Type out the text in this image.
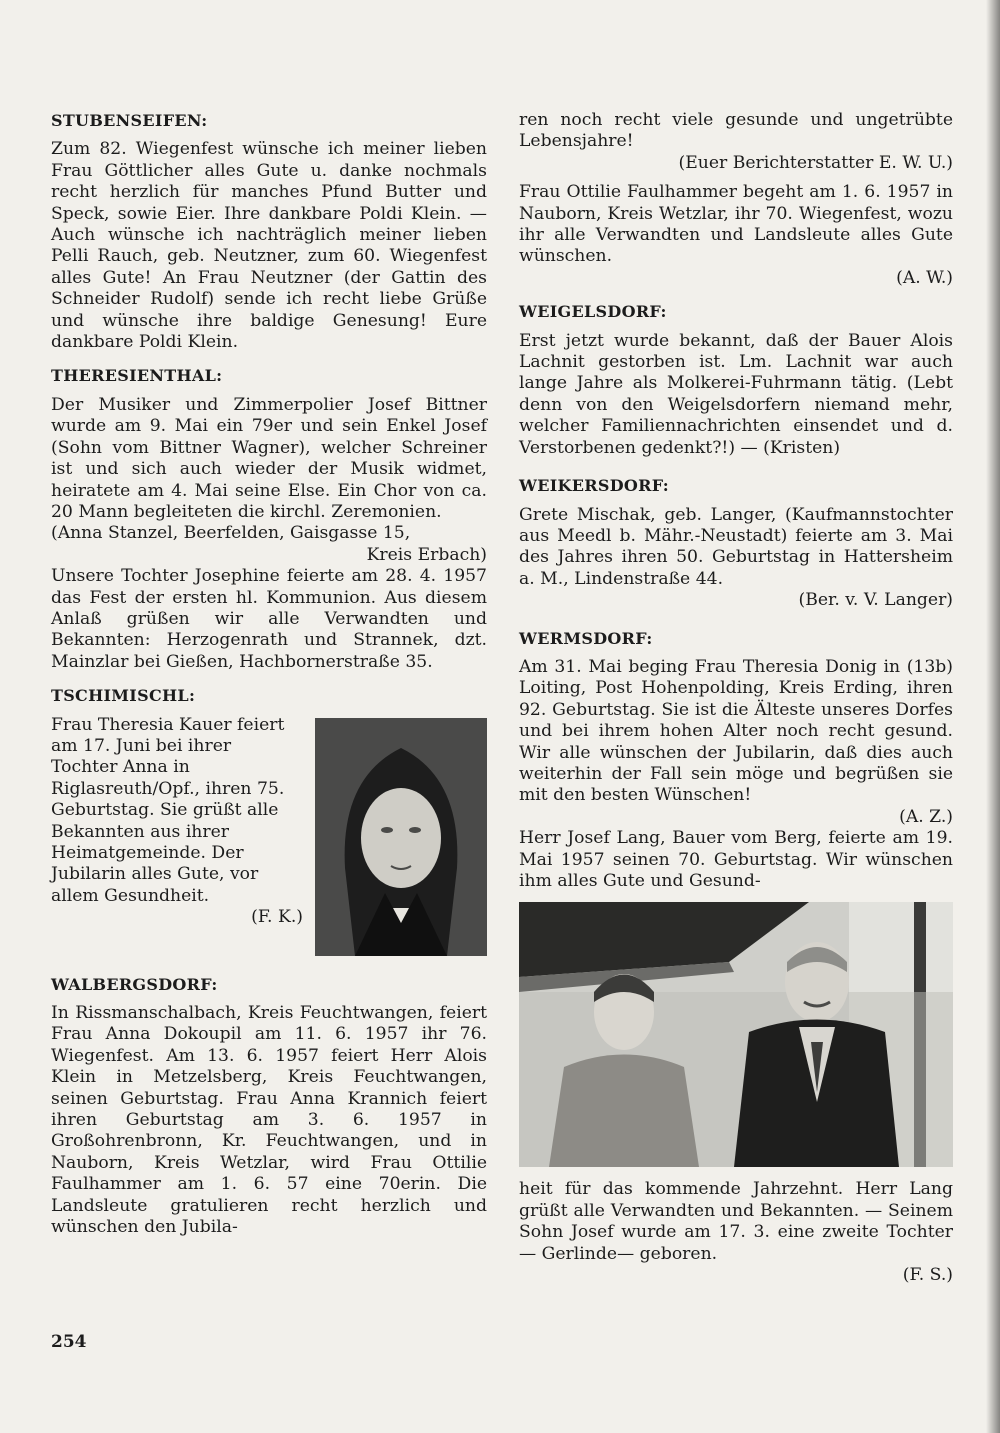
STUBENSEIFEN:

Zum 82. Wiegenfest wünsche ich meiner lieben Frau Göttlicher alles Gute u. danke nochmals recht herzlich für manches Pfund Butter und Speck, sowie Eier. Ihre dankbare Poldi Klein. — Auch wünsche ich nachträglich meiner lieben Pelli Rauch, geb. Neutzner, zum 60. Wiegenfest alles Gute! An Frau Neutzner (der Gattin des Schneider Rudolf) sende ich recht liebe Grüße und wünsche ihre baldige Genesung! Eure dankbare Poldi Klein.

THERESIENTHAL:

Der Musiker und Zimmerpolier Josef Bittner wurde am 9. Mai ein 79er und sein Enkel Josef (Sohn vom Bittner Wagner), welcher Schreiner ist und sich auch wieder der Musik widmet, heiratete am 4. Mai seine Else. Ein Chor von ca. 20 Mann begleiteten die kirchl. Zeremonien.

(Anna Stanzel, Beerfelden, Gaisgasse 15,

Kreis Erbach)

Unsere Tochter Josephine feierte am 28. 4. 1957 das Fest der ersten hl. Kommunion. Aus diesem Anlaß grüßen wir alle Verwandten und Bekannten: Herzogenrath und Strannek, dzt. Mainzlar bei Gießen, Hachbornerstraße 35.

TSCHIMISCHL:

Frau Theresia Kauer feiert am 17. Juni bei ihrer Tochter Anna in Riglasreuth/Opf., ihren 75. Geburtstag. Sie grüßt alle Bekannten aus ihrer Heimatgemeinde. Der Jubilarin alles Gute, vor allem Gesundheit.

(F. K.)

WALBERGSDORF:

In Rissmanschalbach, Kreis Feuchtwangen, feiert Frau Anna Dokoupil am 11. 6. 1957 ihr 76. Wiegenfest. Am 13. 6. 1957 feiert Herr Alois Klein in Metzelsberg, Kreis Feuchtwangen, seinen Geburtstag. Frau Anna Krannich feiert ihren Geburtstag am 3. 6. 1957 in Großohrenbronn, Kr. Feuchtwangen, und in Nauborn, Kreis Wetzlar, wird Frau Ottilie Faulhammer am 1. 6. 57 eine 70erin. Die Landsleute gratulieren recht herzlich und wünschen den Jubila-

ren noch recht viele gesunde und ungetrübte Lebensjahre!

(Euer Berichterstatter E. W. U.)

Frau Ottilie Faulhammer begeht am 1. 6. 1957 in Nauborn, Kreis Wetzlar, ihr 70. Wiegenfest, wozu ihr alle Verwandten und Landsleute alles Gute wünschen.

(A. W.)

WEIGELSDORF:

Erst jetzt wurde bekannt, daß der Bauer Alois Lachnit gestorben ist. Lm. Lachnit war auch lange Jahre als Molkerei-Fuhrmann tätig. (Lebt denn von den Weigelsdorfern niemand mehr, welcher Familiennachrichten einsendet und d. Verstorbenen gedenkt?!) — (Kristen)

WEIKERSDORF:

Grete Mischak, geb. Langer, (Kaufmannstochter aus Meedl b. Mähr.-Neustadt) feierte am 3. Mai des Jahres ihren 50. Geburtstag in Hattersheim a. M., Lindenstraße 44.

(Ber. v. V. Langer)

WERMSDORF:

Am 31. Mai beging Frau Theresia Donig in (13b) Loiting, Post Hohenpolding, Kreis Erding, ihren 92. Geburtstag. Sie ist die Älteste unseres Dorfes und bei ihrem hohen Alter noch recht gesund. Wir alle wünschen der Jubilarin, daß dies auch weiterhin der Fall sein möge und begrüßen sie mit den besten Wünschen!

(A. Z.)

Herr Josef Lang, Bauer vom Berg, feierte am 19. Mai 1957 seinen 70. Geburtstag. Wir wünschen ihm alles Gute und Gesund-

heit für das kommende Jahrzehnt. Herr Lang grüßt alle Verwandten und Bekannten. — Seinem Sohn Josef wurde am 17. 3. eine zweite Tochter — Gerlinde— geboren.

(F. S.)

254
